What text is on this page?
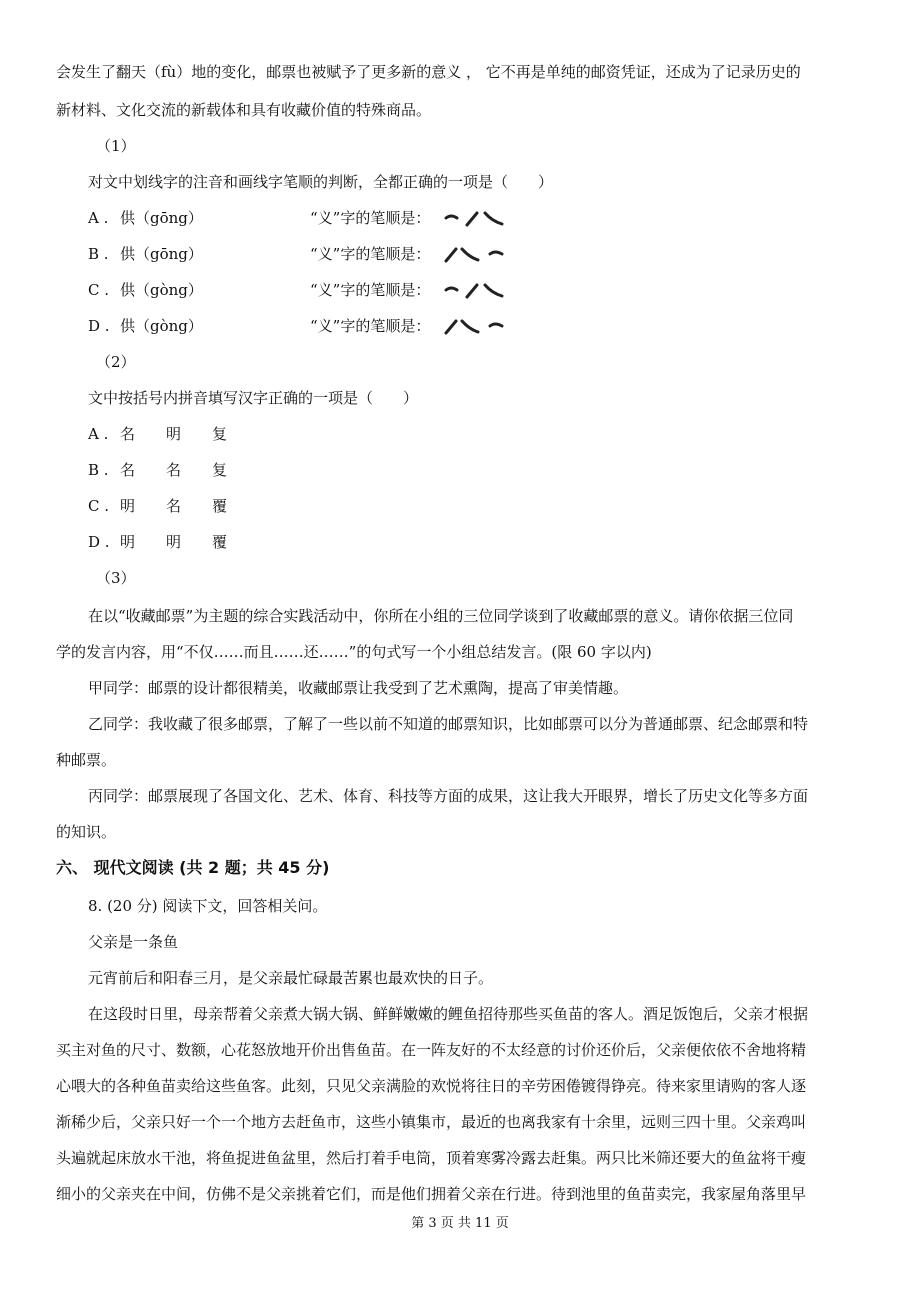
会发生了翻天（fù）地的变化，邮票也被赋予了更多新的意义 ， 它不再是单纯的邮资凭证，还成为了记录历史的
新材料、文化交流的新载体和具有收藏价值的特殊商品。
（1）
对文中划线字的注音和画线字笔顺的判断，全都正确的一项是（　　）
A . 供（gōng）	“义”字的笔顺是：
B . 供（gōng）	“义”字的笔顺是：
C . 供（gòng）	“义”字的笔顺是：
D . 供（gòng）	“义”字的笔顺是：
（2）
文中按括号内拼音填写汉字正确的一项是（　　）
A . 名 明 复
B . 名 名 复
C . 明 名 覆
D . 明 明 覆
（3）
在以“收藏邮票”为主题的综合实践活动中，你所在小组的三位同学谈到了收藏邮票的意义。请你依据三位同
学的发言内容，用“不仅……而且……还……”的句式写一个小组总结发言。(限 60 字以内)
甲同学：邮票的设计都很精美，收藏邮票让我受到了艺术熏陶，提高了审美情趣。
乙同学：我收藏了很多邮票，了解了一些以前不知道的邮票知识，比如邮票可以分为普通邮票、纪念邮票和特
种邮票。
丙同学：邮票展现了各国文化、艺术、体育、科技等方面的成果，这让我大开眼界，增长了历史文化等多方面
的知识。
六、 现代文阅读 (共 2 题；共 45 分)
8. (20 分) 阅读下文，回答相关问。
父亲是一条鱼
元宵前后和阳春三月，是父亲最忙碌最苦累也最欢快的日子。
在这段时日里，母亲帮着父亲煮大锅大锅、鲜鲜嫩嫩的鲤鱼招待那些买鱼苗的客人。酒足饭饱后，父亲才根据
买主对鱼的尺寸、数额，心花怒放地开价出售鱼苗。在一阵友好的不太经意的讨价还价后，父亲便依依不舍地将精
心喂大的各种鱼苗卖给这些鱼客。此刻，只见父亲满脸的欢悦将往日的辛劳困倦镀得铮亮。待来家里请购的客人逐
渐稀少后，父亲只好一个一个地方去赶鱼市，这些小镇集市，最近的也离我家有十余里，远则三四十里。父亲鸡叫
头遍就起床放水干池，将鱼捉进鱼盆里，然后打着手电筒，顶着寒雾冷露去赶集。两只比米筛还要大的鱼盆将干瘦
细小的父亲夹在中间，仿佛不是父亲挑着它们，而是他们拥着父亲在行进。待到池里的鱼苗卖完，我家屋角落里早
第 3 页 共 11 页
